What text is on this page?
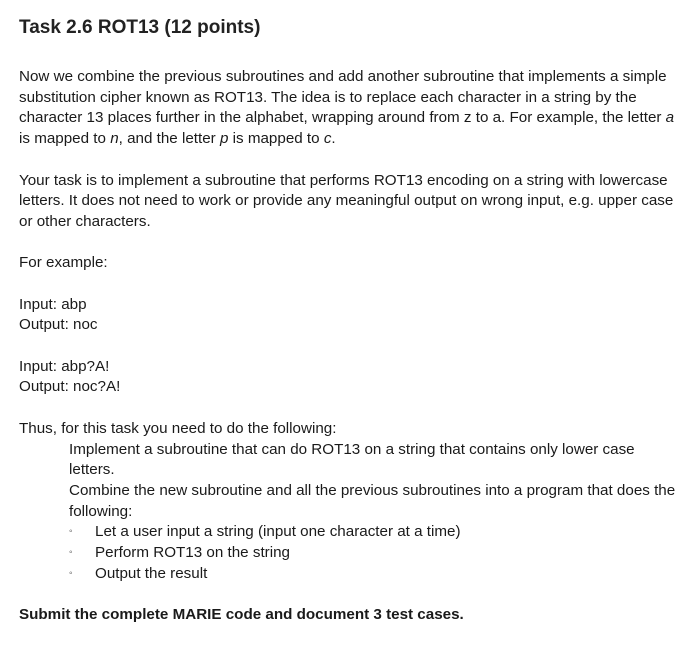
Task 2.6 ROT13 (12 points)

Now we combine the previous subroutines and add another subroutine that implements a simple substitution cipher known as ROT13. The idea is to replace each character in a string by the character 13 places further in the alphabet, wrapping around from z to a. For example, the letter a is mapped to n, and the letter p is mapped to c.

Your task is to implement a subroutine that performs ROT13 encoding on a string with lowercase letters. It does not need to work or provide any meaningful output on wrong input, e.g. upper case or other characters.

For example:

Input: abp

Output: noc

Input: abp?A!

Output: noc?A!

Thus, for this task you need to do the following:

Implement a subroutine that can do ROT13 on a string that contains only lower case letters.

Combine the new subroutine and all the previous subroutines into a program that does the following:

◦ Let a user input a string (input one character at a time)
◦ Perform ROT13 on the string
◦ Output the result

Submit the complete MARIE code and document 3 test cases.
